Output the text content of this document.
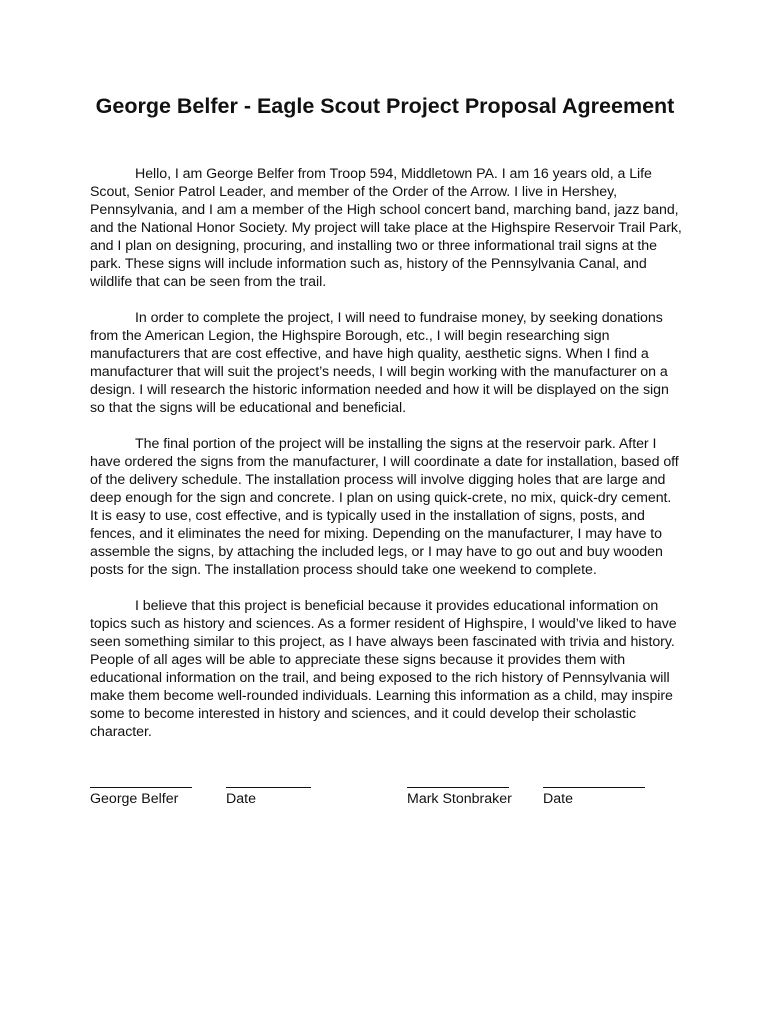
George Belfer - Eagle Scout Project Proposal Agreement

Hello, I am George Belfer from Troop 594, Middletown PA. I am 16 years old, a Life Scout, Senior Patrol Leader, and member of the Order of the Arrow. I live in Hershey, Pennsylvania, and I am a member of the High school concert band, marching band, jazz band, and the National Honor Society. My project will take place at the Highspire Reservoir Trail Park, and I plan on designing, procuring, and installing two or three informational trail signs at the park. These signs will include information such as, history of the Pennsylvania Canal, and wildlife that can be seen from the trail.

In order to complete the project, I will need to fundraise money, by seeking donations from the American Legion, the Highspire Borough, etc., I will begin researching sign manufacturers that are cost effective, and have high quality, aesthetic signs. When I find a manufacturer that will suit the project’s needs, I will begin working with the manufacturer on a design. I will research the historic information needed and how it will be displayed on the sign so that the signs will be educational and beneficial.

The final portion of the project will be installing the signs at the reservoir park. After I have ordered the signs from the manufacturer, I will coordinate a date for installation, based off of the delivery schedule. The installation process will involve digging holes that are large and deep enough for the sign and concrete. I plan on using quick-crete, no mix, quick-dry cement. It is easy to use, cost effective, and is typically used in the installation of signs, posts, and fences, and it eliminates the need for mixing. Depending on the manufacturer, I may have to assemble the signs, by attaching the included legs, or I may have to go out and buy wooden posts for the sign. The installation process should take one weekend to complete.

I believe that this project is beneficial because it provides educational information on topics such as history and sciences. As a former resident of Highspire, I would’ve liked to have seen something similar to this project, as I have always been fascinated with trivia and history. People of all ages will be able to appreciate these signs because it provides them with educational information on the trail, and being exposed to the rich history of Pennsylvania will make them become well-rounded individuals. Learning this information as a child, may inspire some to become interested in history and sciences, and it could develop their scholastic character.

George Belfer	Date	Mark Stonbraker Date
